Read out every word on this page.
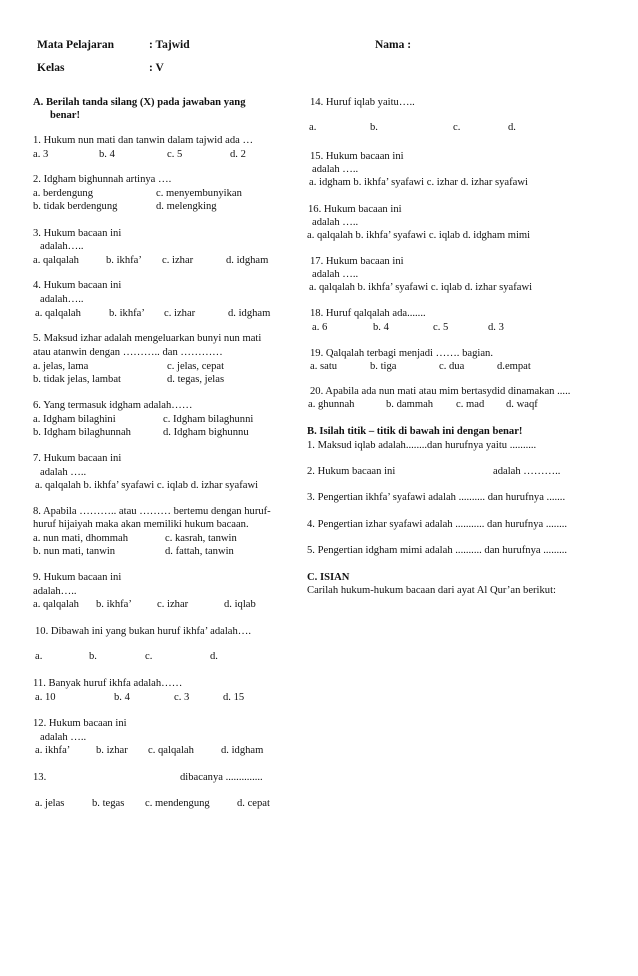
Mata Pelajaran	: Tajwid	Nama :
Kelas	: V
A. Berilah tanda silang (X) pada jawaban yang
benar!
1. Hukum nun mati dan tanwin dalam tajwid ada …
a. 3	b. 4	c. 5	d. 2
2. Idgham bighunnah artinya ….
a. berdengung	c. menyembunyikan
b. tidak berdengung	d. melengking
3. Hukum bacaan ini
adalah…..
a. qalqalah	b. ikhfa’ c. izhar	d. idgham
4. Hukum bacaan ini
adalah…..
a. qalqalah	b. ikhfa’ c. izhar	d. idgham
5. Maksud izhar adalah mengeluarkan bunyi nun mati
atau atanwin dengan ……….. dan …………
a. jelas, lama	c. jelas, cepat
b. tidak jelas, lambat	d. tegas, jelas
6. Yang termasuk idgham adalah……
a. Idgham bilaghini	c. Idgham bilaghunni
b. Idgham bilaghunnah	d. Idgham bighunnu
7. Hukum bacaan ini
adalah …..
a. qalqalah b. ikhfa’ syafawi c. iqlab d. izhar syafawi
8. Apabila ……….. atau ……… bertemu dengan huruf-
huruf hijaiyah maka akan memiliki hukum bacaan.
a. nun mati, dhommah	c. kasrah, tanwin
b. nun mati, tanwin	d. fattah, tanwin
9. Hukum bacaan ini
adalah…..
a. qalqalah b. ikhfa’ c. izhar	d. iqlab
10. Dibawah ini yang bukan huruf ikhfa’ adalah….
a.	b.	c.	d.
11. Banyak huruf ikhfa adalah……
a. 10	b. 4	c. 3	d. 15
12. Hukum bacaan ini
adalah …..
a. ikhfa’ b. izhar c. qalqalah	d. idgham
13.	dibacanya ..............
a. jelas	b. tegas c. mendengung	d. cepat
14. Huruf iqlab yaitu…..
a.	b.	c.	d.
15. Hukum bacaan ini
adalah …..
a. idgham b. ikhfa’ syafawi c. izhar d. izhar syafawi
16. Hukum bacaan ini
adalah …..
a. qalqalah b. ikhfa’ syafawi c. iqlab d. idgham mimi
17. Hukum bacaan ini
adalah …..
a. qalqalah b. ikhfa’ syafawi c. iqlab d. izhar syafawi
18. Huruf qalqalah ada.......
a. 6	b. 4	c. 5	d. 3
19. Qalqalah terbagi menjadi ……. bagian.
a. satu	b. tiga	c. dua	d.empat
20. Apabila ada nun mati atau mim bertasydid dinamakan .....
a. ghunnah	b. dammah c. mad d. waqf
B. Isilah titik – titik di bawah ini dengan benar!
1. Maksud iqlab adalah........dan hurufnya yaitu ..........
2. Hukum bacaan ini	adalah ………..
3. Pengertian ikhfa’ syafawi adalah .......... dan hurufnya .......
4. Pengertian izhar syafawi adalah ........... dan hurufnya ........
5. Pengertian idgham mimi adalah .......... dan hurufnya .........
C. ISIAN
Carilah hukum-hukum bacaan dari ayat Al Qur’an berikut:
